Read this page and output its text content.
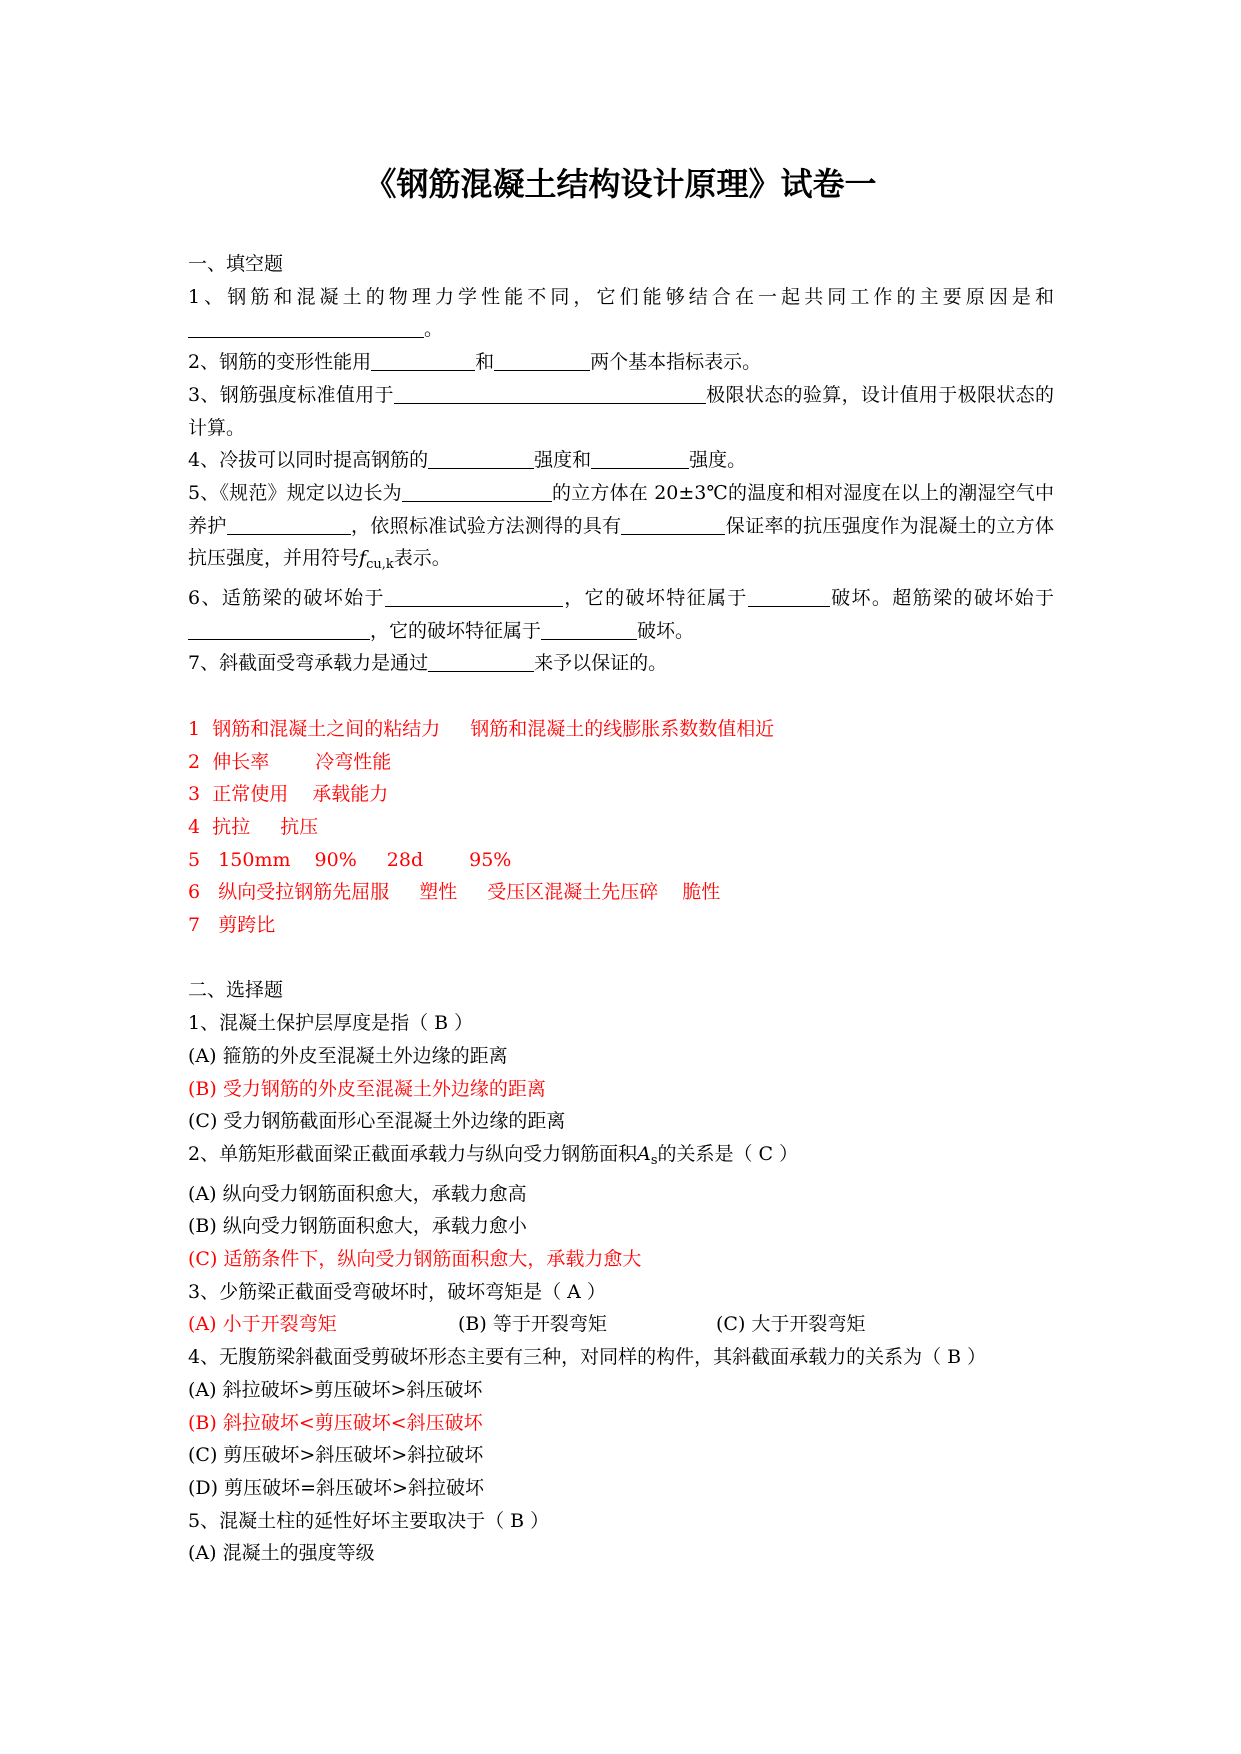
《钢筋混凝土结构设计原理》试卷一

一、填空题

1、钢筋和混凝土的物理力学性能不同，它们能够结合在一起共同工作的主要原因是和。

2、钢筋的变形性能用	和	两个基本指标表示。

3、钢筋强度标准值用于	极限状态的验算，设计值用于极限状态的计算。

4、冷拔可以同时提高钢筋的	强度和	强度。

5、《规范》规定以边长为	的立方体在 20±3℃的温度和相对湿度在以上的潮湿空气中养护	，依照标准试验方法测得的具有	保证率的抗压强度作为混凝土的立方体抗压强度，并用符号$f_{cu,k}$表示。

6、适筋梁的破坏始于	，它的破坏特征属于	破坏。超筋梁的破坏始于，它的破坏特征属于	破坏。

7、斜截面受弯承载力是通过	来予以保证的。

1 钢筋和混凝土之间的粘结力 钢筋和混凝土的线膨胀系数数值相近

2 伸长率 冷弯性能

3 正常使用 承载能力

4 抗拉 抗压

5 150mm 90% 28d 95%

6 纵向受拉钢筋先屈服 塑性 受压区混凝土先压碎 脆性

7 剪跨比

二、选择题

1、混凝土保护层厚度是指（ B ）

(A) 箍筋的外皮至混凝土外边缘的距离

(B) 受力钢筋的外皮至混凝土外边缘的距离

(C) 受力钢筋截面形心至混凝土外边缘的距离

2、单筋矩形截面梁正截面承载力与纵向受力钢筋面积$A_s$的关系是（ C ）

(A) 纵向受力钢筋面积愈大，承载力愈高

(B) 纵向受力钢筋面积愈大，承载力愈小

(C) 适筋条件下，纵向受力钢筋面积愈大，承载力愈大

3、少筋梁正截面受弯破坏时，破坏弯矩是（ A ）

(A) 小于开裂弯矩	(B) 等于开裂弯矩	(C) 大于开裂弯矩

4、无腹筋梁斜截面受剪破坏形态主要有三种，对同样的构件，其斜截面承载力的关系为（ B ）

(A) 斜拉破坏>剪压破坏>斜压破坏

(B) 斜拉破坏<剪压破坏<斜压破坏

(C) 剪压破坏>斜压破坏>斜拉破坏

(D) 剪压破坏=斜压破坏>斜拉破坏

5、混凝土柱的延性好坏主要取决于（ B ）

(A) 混凝土的强度等级
